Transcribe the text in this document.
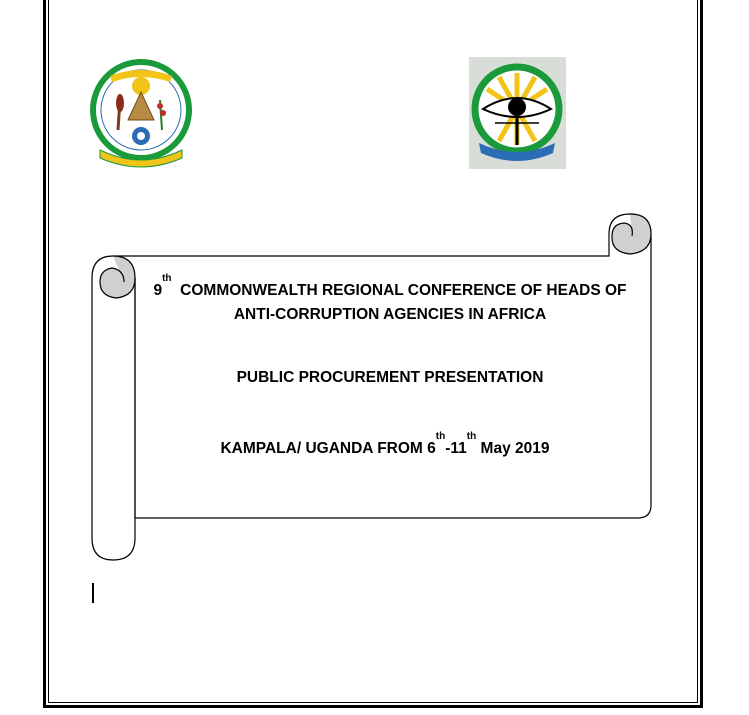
9th  COMMONWEALTH REGIONAL CONFERENCE OF HEADS OF
ANTI-CORRUPTION AGENCIES IN AFRICA
PUBLIC PROCUREMENT PRESENTATION
KAMPALA/ UGANDA FROM 6th-11th May 2019
